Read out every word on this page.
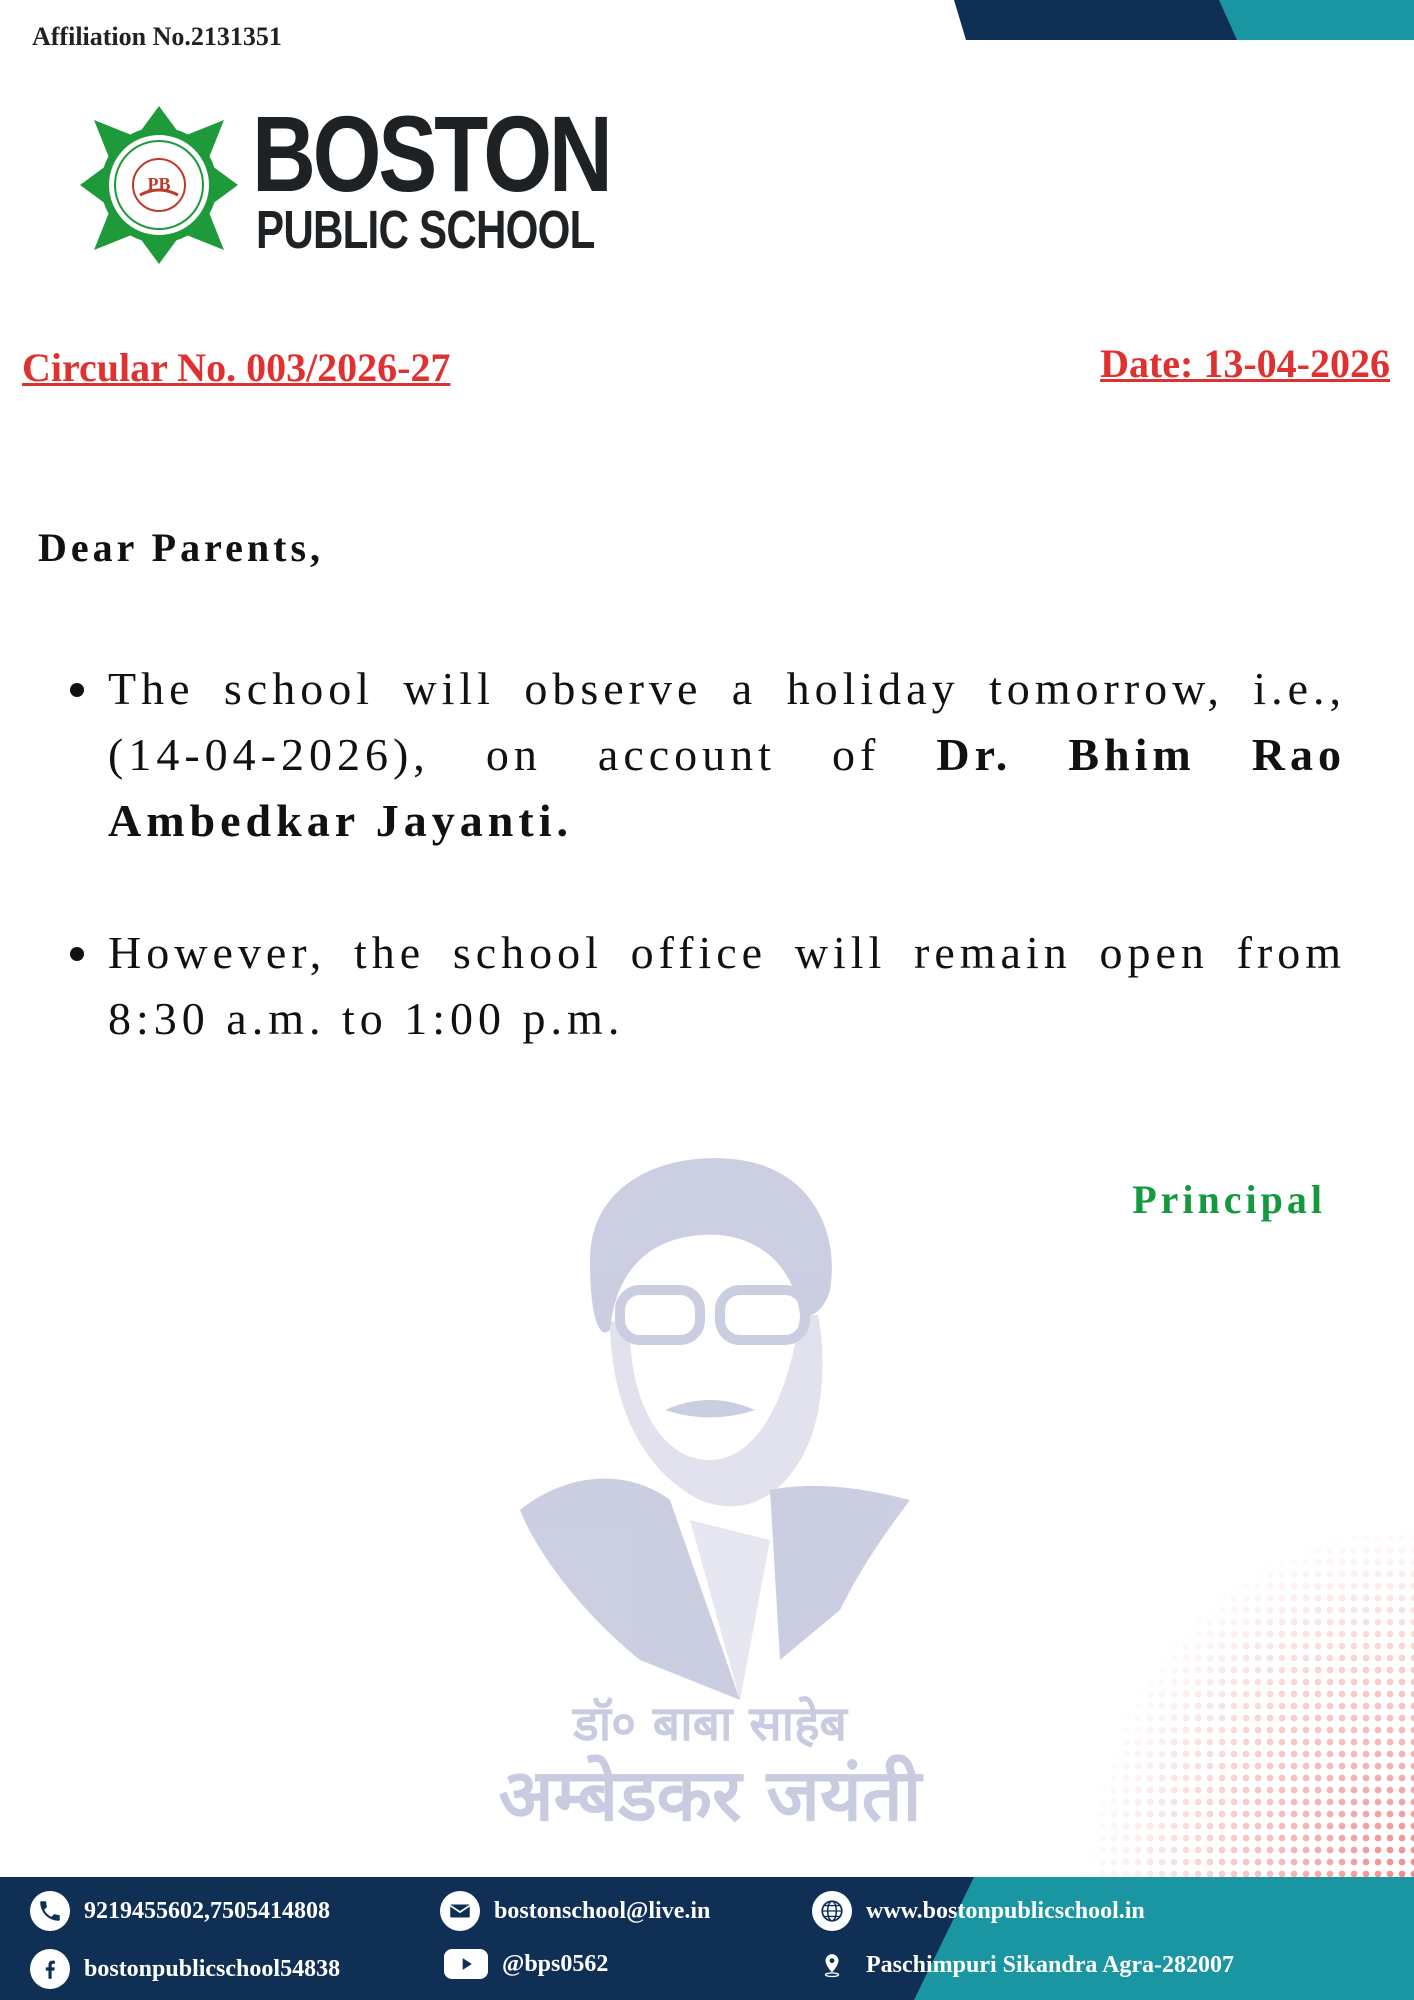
Affiliation No.2131351
PB BOSTON
PUBLIC SCHOOL
Circular No. 003/2026-27	Date: 13-04-2026
डॉ० बाबा साहेब
अम्बेडकर जयंती
Dear Parents,
The school will observe a holiday tomorrow, i.e., (14-04-2026), on account of Dr. Bhim Rao Ambedkar Jayanti.
However, the school office will remain open from 8:30 a.m. to 1:00 p.m.
Principal
9219455602,7505414808	bostonschool@live.in	www.bostonpublicschool.in
bostonpublicschool54838	@bps0562	Paschimpuri Sikandra Agra-282007
